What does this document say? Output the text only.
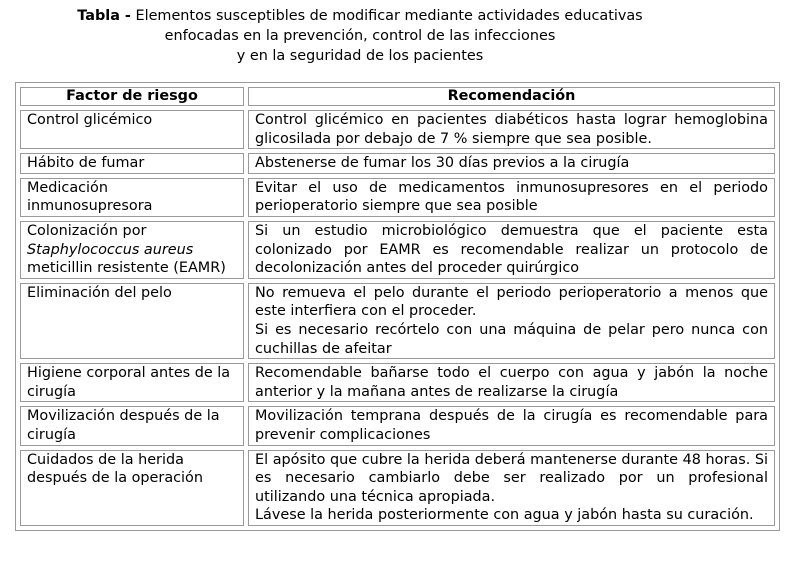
Tabla - Elementos susceptibles de modificar mediante actividades educativas
enfocadas en la prevención, control de las infecciones
y en la seguridad de los pacientes
Factor de riesgo	Recomendación
Control glicémico	Control glicémico en pacientes diabéticos hasta lograr hemoglobina glicosilada por debajo de 7 % siempre que sea posible.

Hábito de fumar	Abstenerse de fumar los 30 días previos a la cirugía

Medicación inmunosupresora	Evitar el uso de medicamentos inmunosupresores en el periodo perioperatorio siempre que sea posible

Colonización por
Staphylococcus aureus
meticillin resistente (EAMR)	Si un estudio microbiológico demuestra que el paciente esta colonizado por EAMR es recomendable realizar un protocolo de decolonización antes del proceder quirúrgico

Eliminación del pelo	No remueva el pelo durante el periodo perioperatorio a menos que este interfiera con el proceder.
Si es necesario recórtelo con una máquina de pelar pero nunca con cuchillas de afeitar

Higiene corporal antes de la cirugía	Recomendable bañarse todo el cuerpo con agua y jabón la noche anterior y la mañana antes de realizarse la cirugía

Movilización después de la cirugía	Movilización temprana después de la cirugía es recomendable para prevenir complicaciones

Cuidados de la herida después de la operación	El apósito que cubre la herida deberá mantenerse durante 48 horas. Si es necesario cambiarlo debe ser realizado por un profesional utilizando una técnica apropiada.
Lávese la herida posteriormente con agua y jabón hasta su curación.
